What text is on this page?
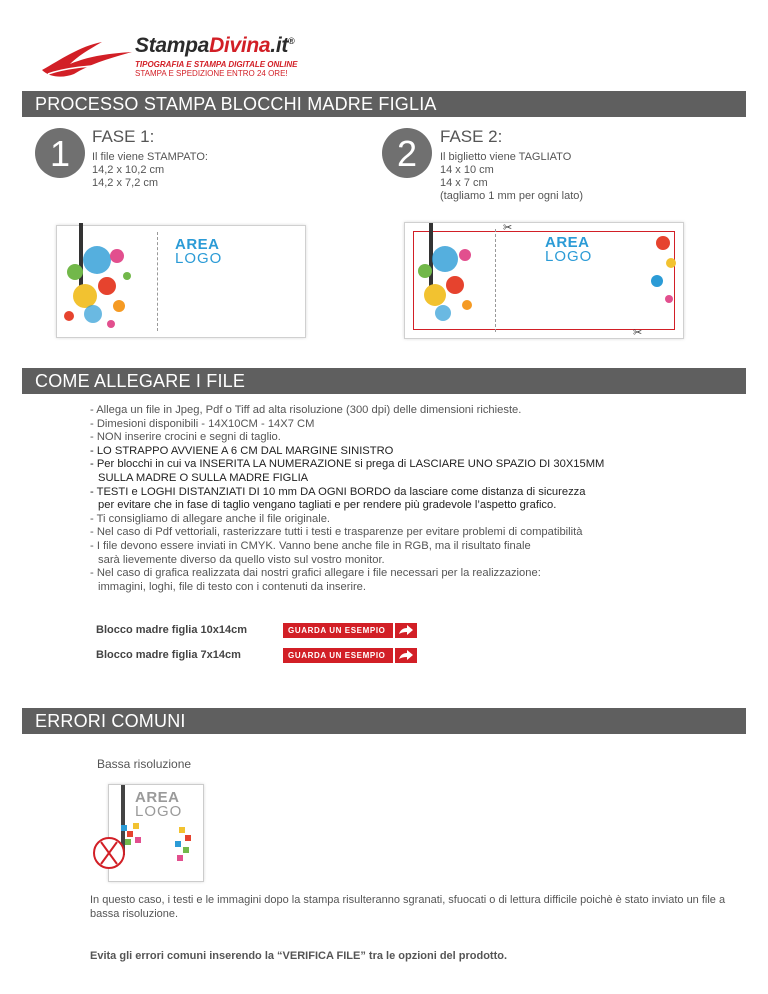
StampaDivina.it®
TIPOGRAFIA E STAMPA DIGITALE ONLINE
STAMPA E SPEDIZIONE ENTRO 24 ORE!
PROCESSO STAMPA BLOCCHI MADRE FIGLIA
1	FASE 1:
Il file viene STAMPATO:
14,2 x 10,2 cm
14,2 x 7,2 cm
2	FASE 2:
Il biglietto viene TAGLIATO
14 x 10 cm
14 x 7 cm
(tagliamo 1 mm per ogni lato)
AREA
LOGO
✂
✂
AREA
LOGO
COME ALLEGARE I FILE
- Allega un file in Jpeg, Pdf o Tiff ad alta risoluzione (300 dpi) delle dimensioni richieste.
- Dimesioni disponibili - 14X10CM - 14X7 CM
- NON inserire crocini e segni di taglio.
- LO STRAPPO AVVIENE A 6 CM DAL MARGINE SINISTRO
- Per blocchi in cui va INSERITA LA NUMERAZIONE si prega di LASCIARE UNO SPAZIO DI 30X15MM
SULLA MADRE O SULLA MADRE FIGLIA
- TESTI e LOGHI DISTANZIATI DI 10 mm DA OGNI BORDO da lasciare come distanza di sicurezza
per evitare che in fase di taglio vengano tagliati e per rendere più gradevole l’aspetto grafico.
- Ti consigliamo di allegare anche il file originale.
- Nel caso di Pdf vettoriali, rasterizzare tutti i testi e trasparenze per evitare problemi di compatibilità
- I file devono essere inviati in CMYK. Vanno bene anche file in RGB, ma il risultato finale
sarà lievemente diverso da quello visto sul vostro monitor.
- Nel caso di grafica realizzata dai nostri grafici allegare i file necessari per la realizzazione:
immagini, loghi, file di testo con i contenuti da inserire.
Blocco madre figlia 10x14cm	GUARDA UN ESEMPIO
Blocco madre figlia 7x14cm	GUARDA UN ESEMPIO
ERRORI COMUNI
Bassa risoluzione
AREA
LOGO
In questo caso, i testi e le immagini dopo la stampa risulteranno sgranati, sfuocati o di lettura difficile poichè è stato inviato un file a bassa risoluzione.
Evita gli errori comuni inserendo la “VERIFICA FILE” tra le opzioni del prodotto.
